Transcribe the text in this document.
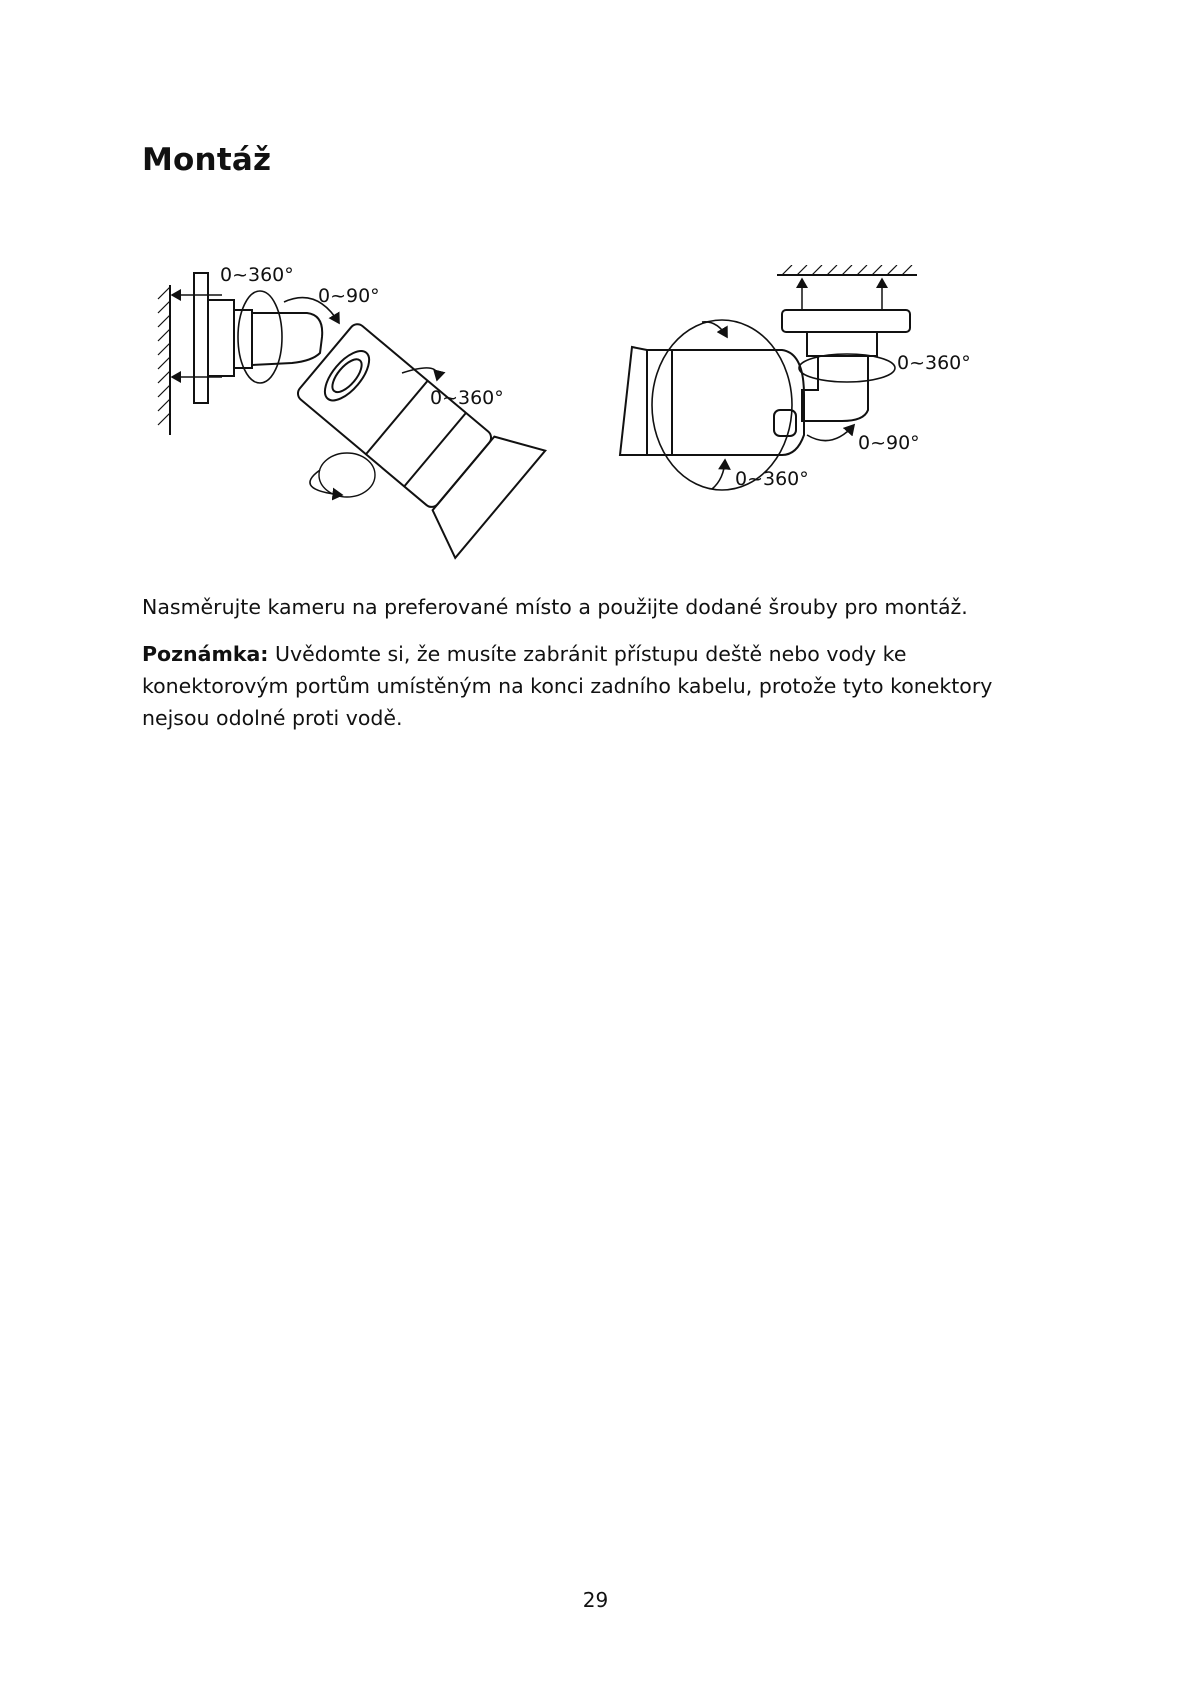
Montáž
0~360°
0~90°
0~360°
0~360°
0~90°
0~360°

Nasměrujte kameru na preferované místo a použijte dodané šrouby pro montáž.

Poznámka: Uvědomte si, že musíte zabránit přístupu deště nebo vody ke konektorovým portům umístěným na konci zadního kabelu, protože tyto konektory nejsou odolné proti vodě.

29
